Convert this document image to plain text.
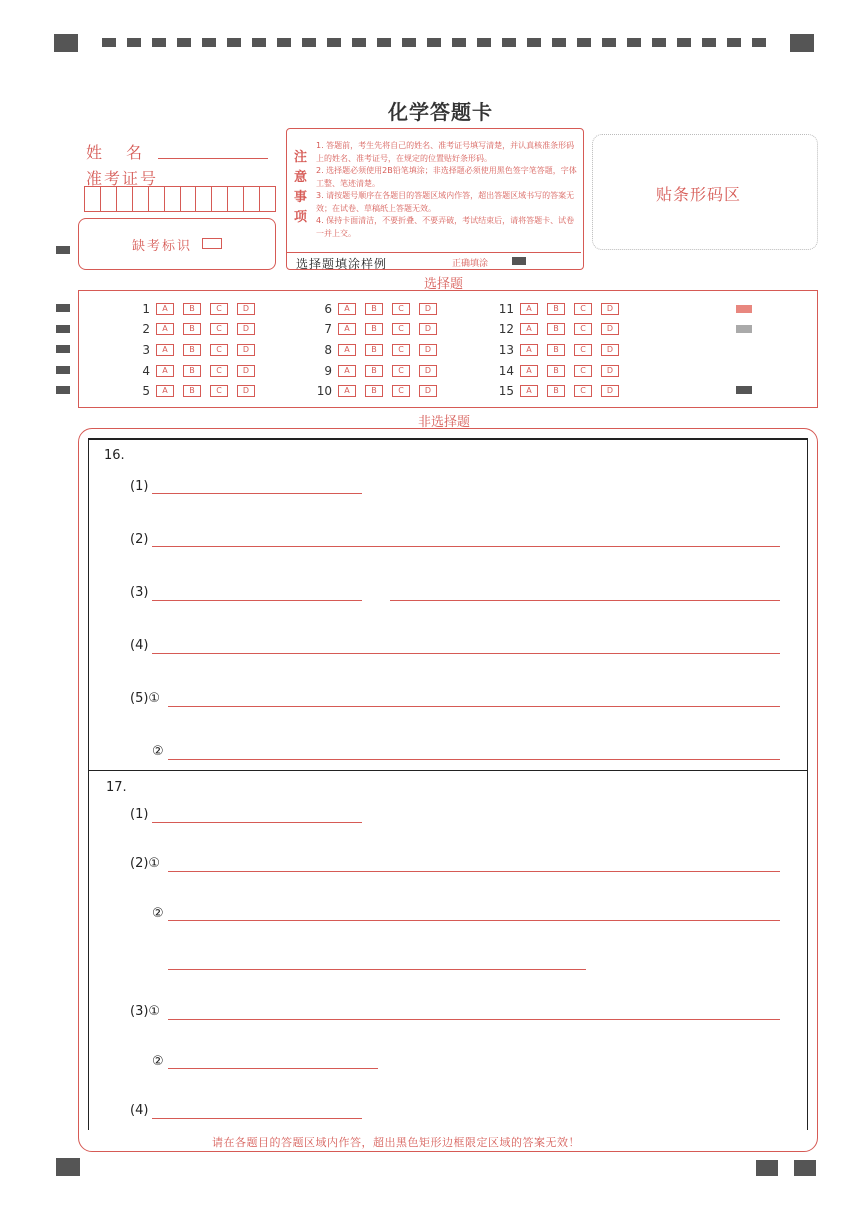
化学答题卡
姓　名
准考证号
缺考标识
注
意
事
项
1. 答题前，考生先将自己的姓名、准考证号填写清楚，并认真核准条形码上的姓名、准考证号，在规定的位置贴好条形码。
2. 选择题必须使用2B铅笔填涂；非选择题必须使用黑色签字笔答题，字体工整、笔迹清楚。
3. 请按题号顺序在各题目的答题区域内作答，超出答题区域书写的答案无效；在试卷、草稿纸上答题无效。
4. 保持卡面清洁，不要折叠、不要弄破，考试结束后，请将答题卡、试卷一并上交。
选择题填涂样例	正确填涂
贴条形码区
选择题
1	A	B	C	D
2	A	B	C	D
3	A	B	C	D
4	A	B	C	D
5	A	B	C	D
6	A	B	C	D
7	A	B	C	D
8	A	B	C	D
9	A	B	C	D
10	A	B	C	D
11	A	B	C	D
12	A	B	C	D
13	A	B	C	D
14	A	B	C	D
15	A	B	C	D
非选择题
16.
(1)
(2)
(3)
(4)
(5)①
②
17.
(1)
(2)①
②
(3)①
②
(4)
请在各题目的答题区域内作答，超出黑色矩形边框限定区域的答案无效！
